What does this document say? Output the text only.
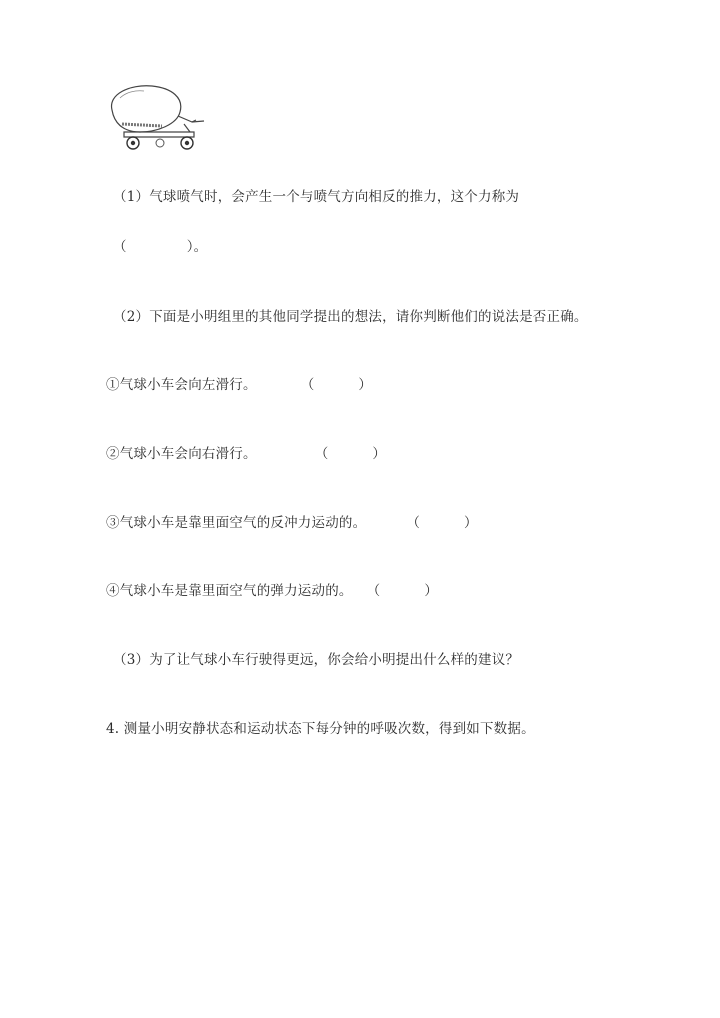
（1）气球喷气时，会产生一个与喷气方向相反的推力，这个力称为
（	）。
（2）下面是小明组里的其他同学提出的想法，请你判断他们的说法是否正确。
①气球小车会向左滑行。	（	）
②气球小车会向右滑行。	（	）
③气球小车是靠里面空气的反冲力运动的。	（	）
④气球小车是靠里面空气的弹力运动的。 （	）
（3）为了让气球小车行驶得更远，你会给小明提出什么样的建议？
4. 测量小明安静状态和运动状态下每分钟的呼吸次数，得到如下数据。
